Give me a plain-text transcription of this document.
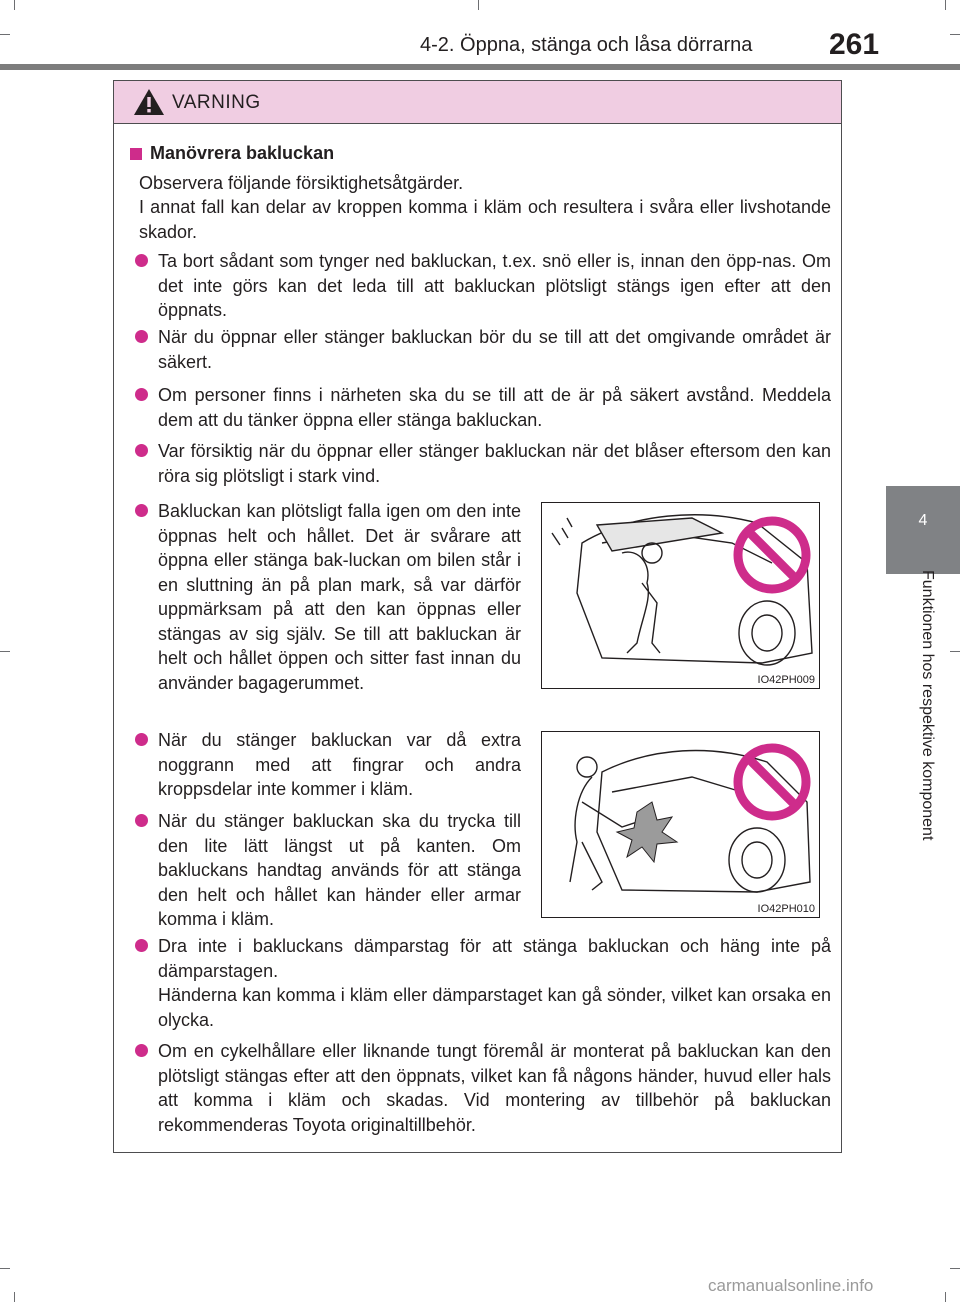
4-2. Öppna, stänga och låsa dörrarna	261
4
Funktionen hos respektive komponent
VARNING
Manövrera bakluckan
Observera följande försiktighetsåtgärder.
I annat fall kan delar av kroppen komma i kläm och resultera i svåra eller livshotande skador.
Ta bort sådant som tynger ned bakluckan, t.ex. snö eller is, innan den öpp-nas. Om det inte görs kan det leda till att bakluckan plötsligt stängs igen efter att den öppnats.
När du öppnar eller stänger bakluckan bör du se till att det omgivande området är säkert.
Om personer finns i närheten ska du se till att de är på säkert avstånd. Meddela dem att du tänker öppna eller stänga bakluckan.
Var försiktig när du öppnar eller stänger bakluckan när det blåser eftersom den kan röra sig plötsligt i stark vind.
Bakluckan kan plötsligt falla igen om den inte öppnas helt och hållet. Det är svårare att öppna eller stänga bak-luckan om bilen står i en sluttning än på plan mark, så var därför uppmärksam på att den kan öppnas eller stängas av sig själv. Se till att bakluckan är helt och hållet öppen och sitter fast innan du använder bagagerummet.	IO42PH009
När du stänger bakluckan var då extra noggrann med att fingrar och andra kroppsdelar inte kommer i kläm.
När du stänger bakluckan ska du trycka till den lite lätt längst ut på kanten. Om bakluckans handtag används för att stänga den helt och hållet kan händer eller armar komma i kläm.	IO42PH010
Dra inte i bakluckans dämparstag för att stänga bakluckan och häng inte på dämparstagen.
Händerna kan komma i kläm eller dämparstaget kan gå sönder, vilket kan orsaka en olycka.
Om en cykelhållare eller liknande tungt föremål är monterat på bakluckan kan den plötsligt stängas efter att den öppnats, vilket kan få någons händer, huvud eller hals att komma i kläm och skadas. Vid montering av tillbehör på bakluckan rekommenderas Toyota originaltillbehör.
carmanualsonline.info
